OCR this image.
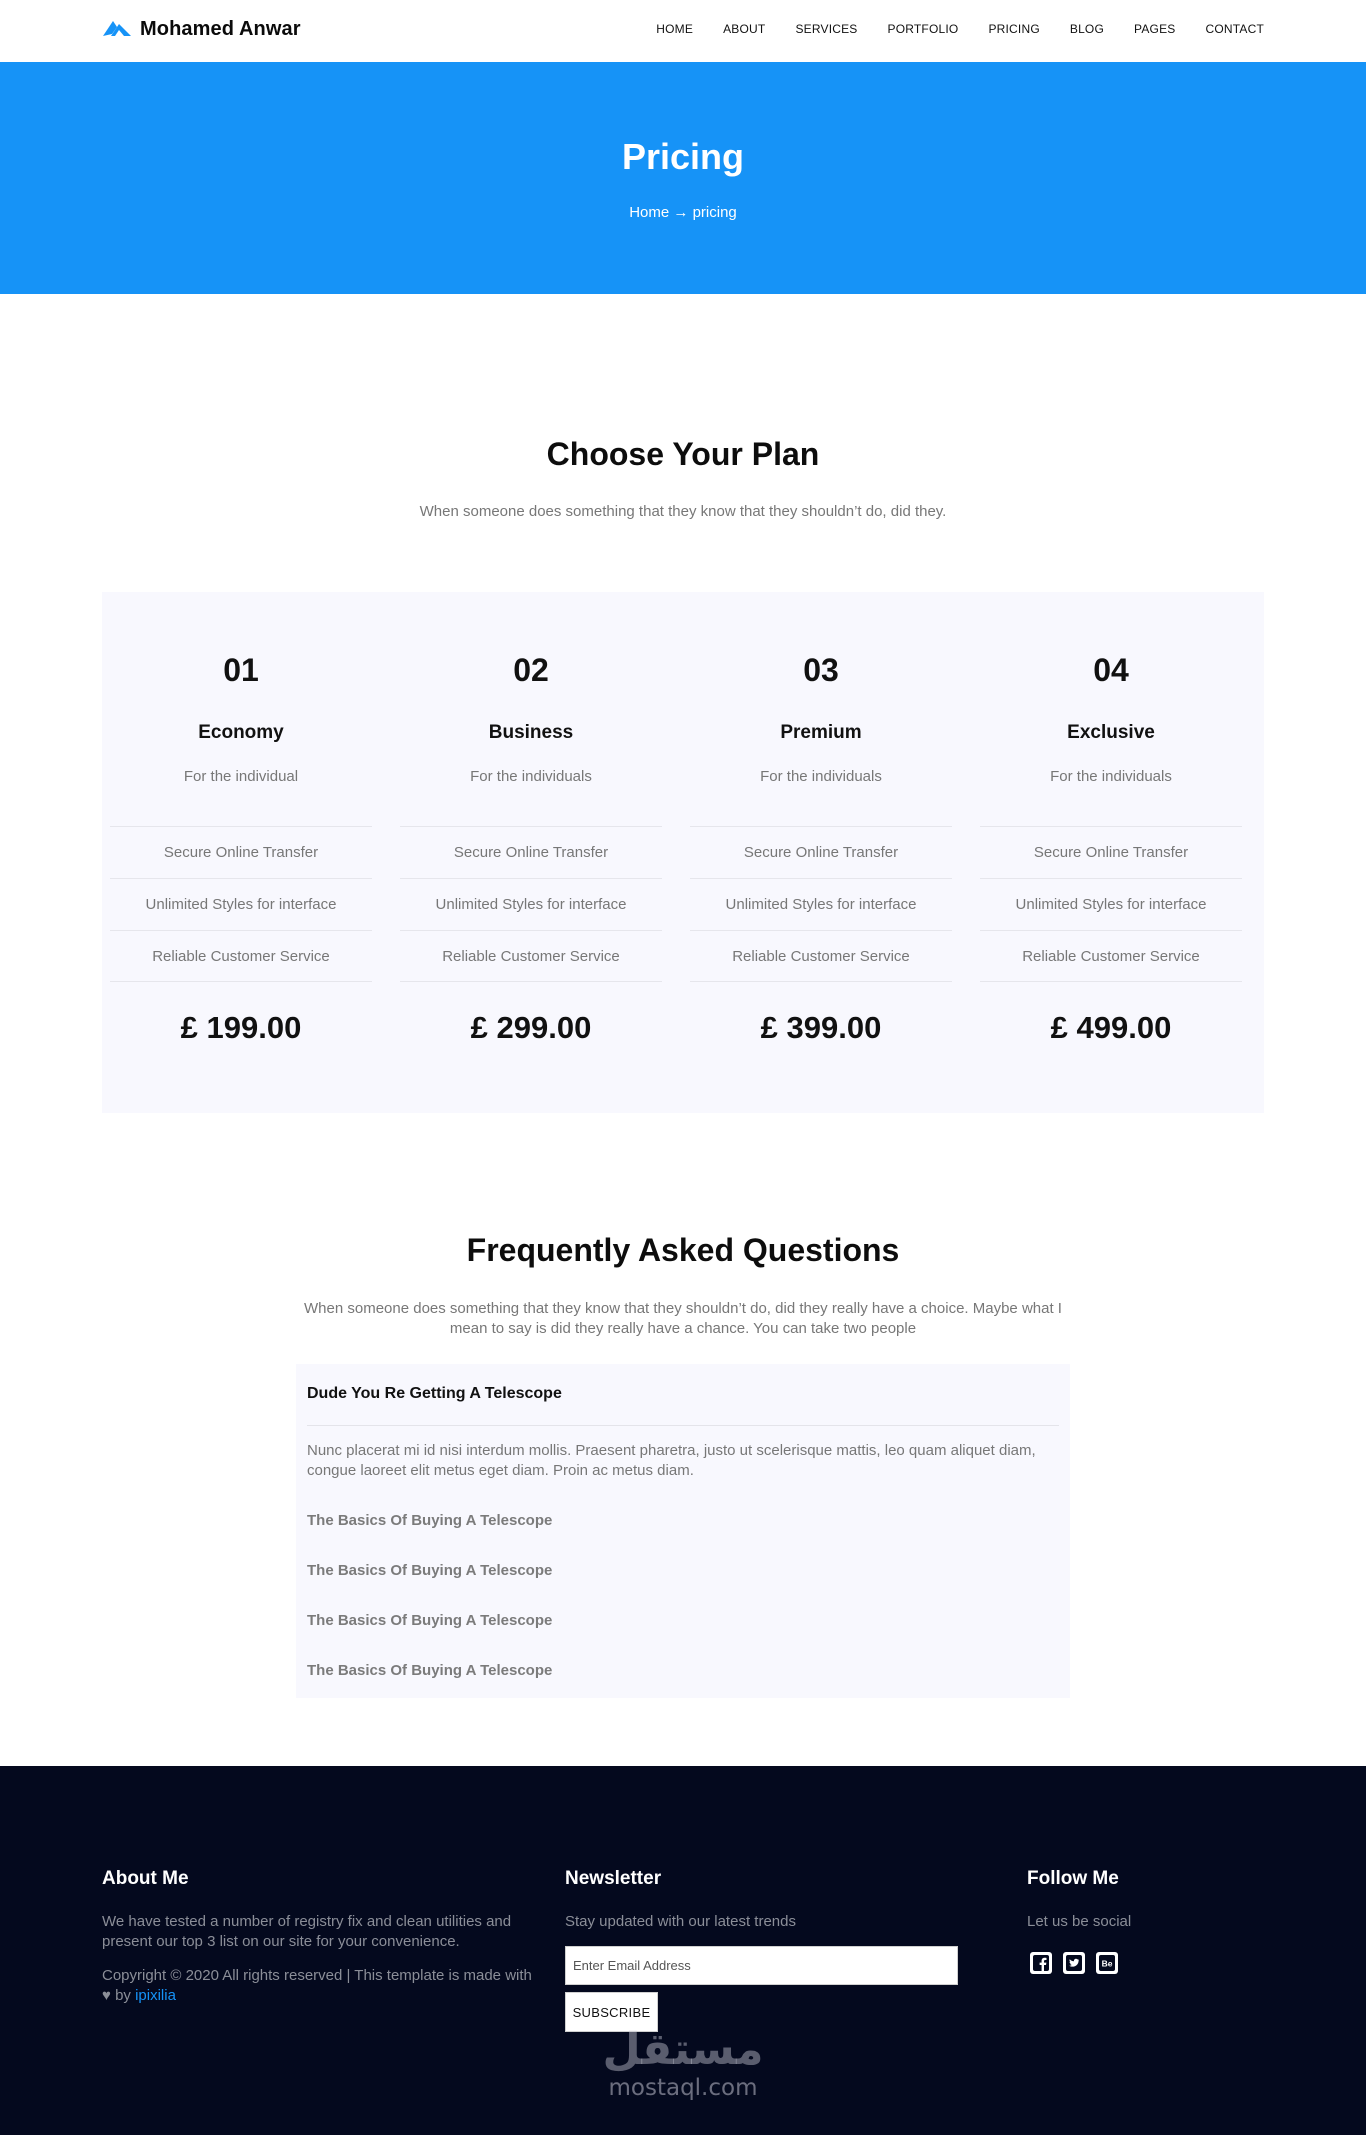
Mohamed Anwar	HOME	ABOUT	SERVICES	PORTFOLIO	PRICING	BLOG	PAGES	CONTACT
Pricing
Home → pricing
Choose Your Plan

When someone does something that they know that they shouldn’t do, did they.

01
Economy
For the individual
Secure Online Transfer
Unlimited Styles for interface
Reliable Customer Service
£ 199.00
02
Business
For the individuals
Secure Online Transfer
Unlimited Styles for interface
Reliable Customer Service
£ 299.00
03
Premium
For the individuals
Secure Online Transfer
Unlimited Styles for interface
Reliable Customer Service
£ 399.00
04
Exclusive
For the individuals
Secure Online Transfer
Unlimited Styles for interface
Reliable Customer Service
£ 499.00
Frequently Asked Questions

When someone does something that they know that they shouldn’t do, did they really have a choice. Maybe what I mean to say is did they really have a chance. You can take two people

Dude You Re Getting A Telescope
Nunc placerat mi id nisi interdum mollis. Praesent pharetra, justo ut scelerisque mattis, leo quam aliquet diam, congue laoreet elit metus eget diam. Proin ac metus diam.
The Basics Of Buying A Telescope
The Basics Of Buying A Telescope
The Basics Of Buying A Telescope
The Basics Of Buying A Telescope
About Me

We have tested a number of registry fix and clean utilities and present our top 3 list on our site for your convenience.

Copyright © 2020 All rights reserved | This template is made with ♥ by ipixilia

Newsletter

Stay updated with our latest trends

Enter Email Address
SUBSCRIBE
Follow Me

Let us be social

Be
مستقل
mostaql.com
